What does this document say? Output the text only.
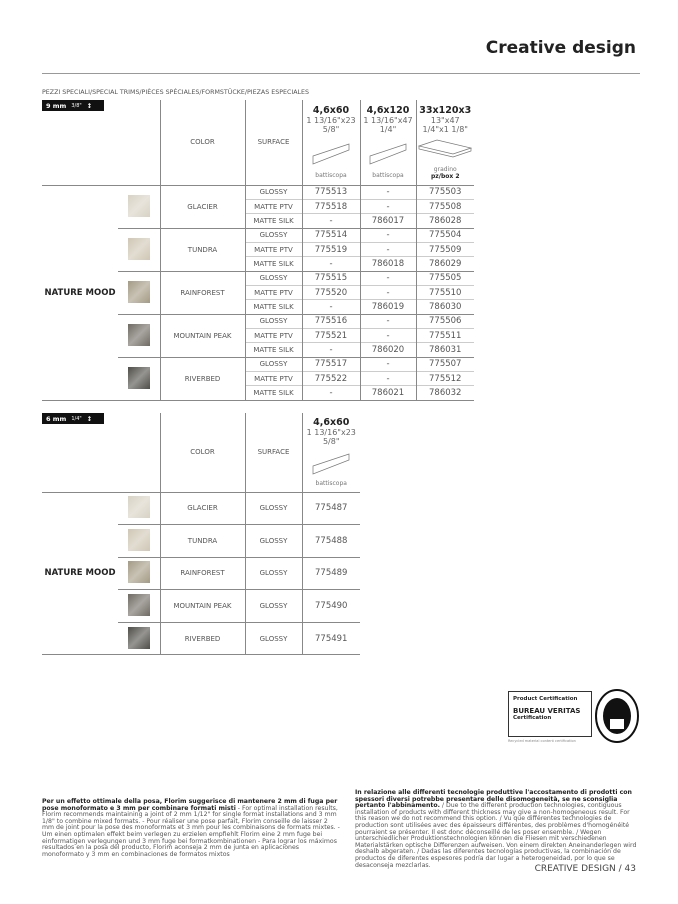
Creative design
PEZZI SPECIALI/SPECIAL TRIMS/PIÈCES SPÉCIALES/FORMSTÜCKE/PIEZAS ESPECIALES
9 mm 3/8" ↕		COLOR	SURFACE	4,6x60
1 13/16"x23 5/8"
battiscopa	4,6x120
1 13/16"x47 1/4"
battiscopa	33x120x3
13"x47 1/4"x1 1/8"
gradino
pz/box 2

NATURE MOOD		GLACIER	GLOSSY	775513	-	775503
			MATTE PTV	775518	-	775508
			MATTE SILK	-	786017	786028
		TUNDRA	GLOSSY	775514	-	775504
			MATTE PTV	775519	-	775509
			MATTE SILK	-	786018	786029
		RAINFOREST	GLOSSY	775515	-	775505
			MATTE PTV	775520	-	775510
			MATTE SILK	-	786019	786030
		MOUNTAIN PEAK	GLOSSY	775516	-	775506
			MATTE PTV	775521	-	775511
			MATTE SILK	-	786020	786031
		RIVERBED	GLOSSY	775517	-	775507
			MATTE PTV	775522	-	775512
			MATTE SILK	-	786021	786032
6 mm 1/4" ↕		COLOR	SURFACE	4,6x60
1 13/16"x23 5/8"
battiscopa

NATURE MOOD		GLACIER	GLOSSY	775487
		TUNDRA	GLOSSY	775488
		RAINFOREST	GLOSSY	775489
		MOUNTAIN PEAK	GLOSSY	775490
		RIVERBED	GLOSSY	775491
Product Certification
BUREAU VERITAS
Certification
Recycled material content certification
Per un effetto ottimale della posa, Florim suggerisce di mantenere 2 mm di fuga per pose monoformato e 3 mm per combinare formati misti - For optimal installation results, Florim recommends maintaining a joint of 2 mm 1/12" for single format installations and 3 mm 1/8" to combine mixed formats. - Pour réaliser une pose parfait, Florim conseille de laisser 2 mm de joint pour la pose des monoformats et 3 mm pour les combinaisons de formats mixtes. - Um einen optimalen effekt beim verlegen zu erzielen empfiehlt Florim eine 2 mm fuge bei einformatigen verlegungen und 3 mm fuge bei formatkombinationen - Para lograr los máximos resultados en la posa del producto, Florim aconseja 2 mm de junta en aplicaciones monoformato y 3 mm en combinaciones de formatos mixtos
In relazione alle differenti tecnologie produttive l'accostamento di prodotti con spessori diversi potrebbe presentare delle disomogeneità, se ne sconsiglia pertanto l'abbinamento. / Due to the different production technologies, contiguous installation of products with different thickness may give a non-homogeneous result. For this reason we do not recommend this option. / Vu que différentes technologies de production sont utilisées avec des épaisseurs différentes, des problèmes d'homogénéité pourraient se présenter. Il est donc déconseillé de les poser ensemble. / Wegen unterschiedlicher Produktionstechnologien können die Fliesen mit verschiedenen Materialstärken optische Differenzen aufweisen. Von einem direkten Aneinanderlegen wird deshalb abgeraten. / Dadas las diferentes tecnologías productivas, la combinación de productos de diferentes espesores podría dar lugar a heterogeneidad, por lo que se desaconseja mezclarlas.	CREATIVE DESIGN / 43
